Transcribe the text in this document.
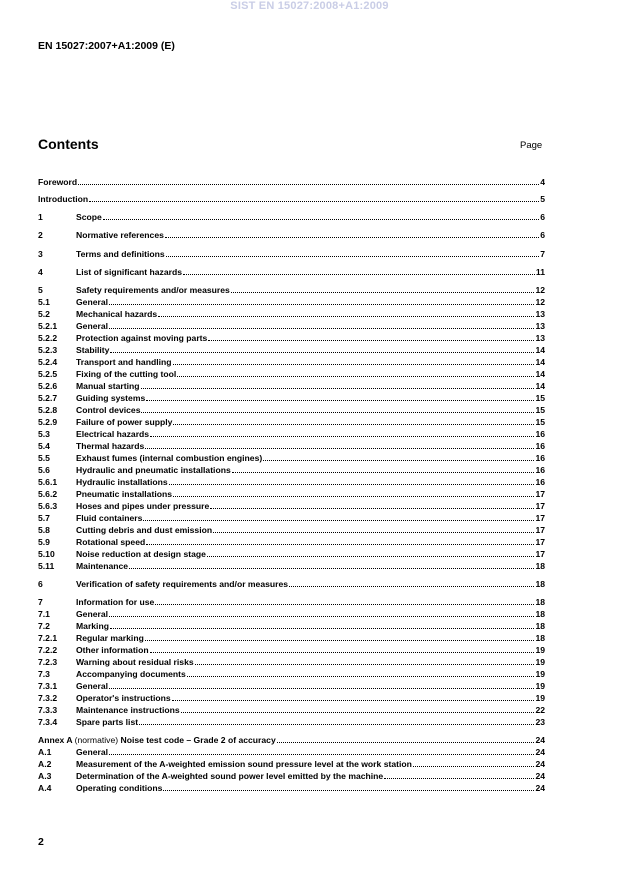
SIST EN 15027:2008+A1:2009
EN 15027:2007+A1:2009 (E)
Contents	Page
Foreword	4
Introduction	5
1	Scope	6
2	Normative references	6
3	Terms and definitions	7
4	List of significant hazards	11
5	Safety requirements and/or measures	12
5.1	General	12
5.2	Mechanical hazards	13
5.2.1	General	13
5.2.2	Protection against moving parts	13
5.2.3	Stability	14
5.2.4	Transport and handling	14
5.2.5	Fixing of the cutting tool	14
5.2.6	Manual starting	14
5.2.7	Guiding systems	15
5.2.8	Control devices	15
5.2.9	Failure of power supply	15
5.3	Electrical hazards	16
5.4	Thermal hazards	16
5.5	Exhaust fumes (internal combustion engines)	16
5.6	Hydraulic and pneumatic installations	16
5.6.1	Hydraulic installations	16
5.6.2	Pneumatic installations	17
5.6.3	Hoses and pipes under pressure	17
5.7	Fluid containers	17
5.8	Cutting debris and dust emission	17
5.9	Rotational speed	17
5.10	Noise reduction at design stage	17
5.11	Maintenance	18
6	Verification of safety requirements and/or measures	18
7	Information for use	18
7.1	General	18
7.2	Marking	18
7.2.1	Regular marking	18
7.2.2	Other information	19
7.2.3	Warning about residual risks	19
7.3	Accompanying documents	19
7.3.1	General	19
7.3.2	Operator's instructions	19
7.3.3	Maintenance instructions	22
7.3.4	Spare parts list	23
Annex A (normative) Noise test code – Grade 2 of accuracy	24
A.1	General	24
A.2	Measurement of the A-weighted emission sound pressure level at the work station	24
A.3	Determination of the A-weighted sound power level emitted by the machine	24
A.4	Operating conditions	24
2
